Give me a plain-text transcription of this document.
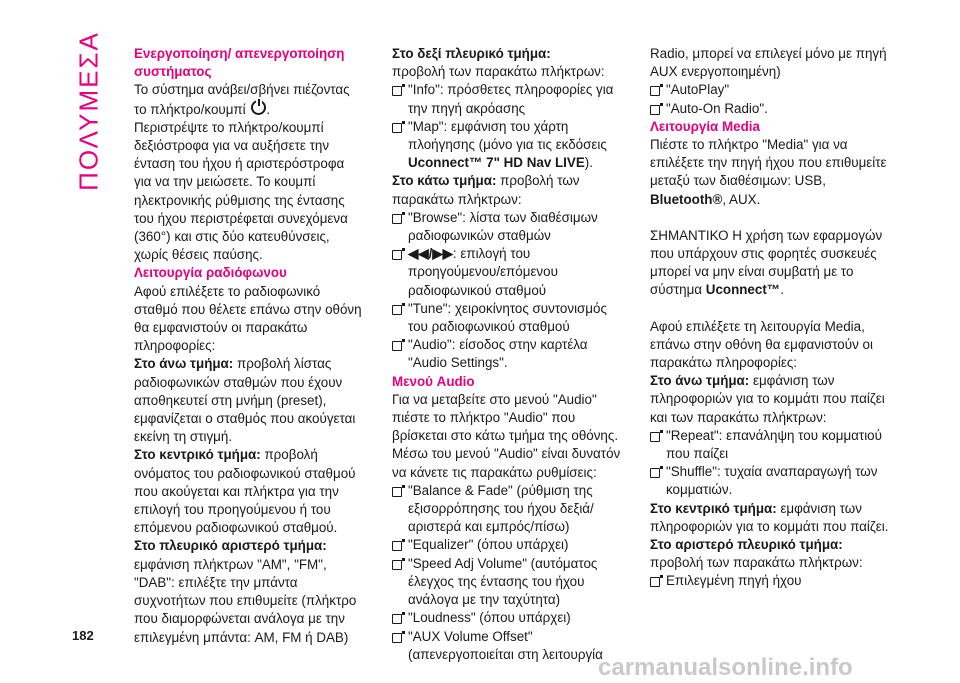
ΠΟΛΥΜΕΣΑ Ενεργοποίηση/ απενεργοποίηση συστήματος

Το σύστημα ανάβει/σβήνει πιέζοντας το πλήκτρο/κουμπί .

Περιστρέψτε το πλήκτρο/κουμπί δεξιόστροφα για να αυξήσετε την ένταση του ήχου ή αριστερόστροφα για να την μειώσετε. Το κουμπί ηλεκτρονικής ρύθμισης της έντασης του ήχου περιστρέφεται συνεχόμενα (360°) και στις δύο κατευθύνσεις, χωρίς θέσεις παύσης.

Λειτουργία ραδιόφωνου

Αφού επιλέξετε το ραδιοφωνικό σταθμό που θέλετε επάνω στην οθόνη θα εμφανιστούν οι παρακάτω πληροφορίες:

Στο άνω τμήμα: προβολή λίστας ραδιοφωνικών σταθμών που έχουν αποθηκευτεί στη μνήμη (preset), εμφανίζεται ο σταθμός που ακούγεται εκείνη τη στιγμή.

Στο κεντρικό τμήμα: προβολή ονόματος του ραδιοφωνικού σταθμού που ακούγεται και πλήκτρα για την επιλογή του προηγούμενου ή του επόμενου ραδιοφωνικού σταθμού.

Στο πλευρικό αριστερό τμήμα: εμφάνιση πλήκτρων "AM", "FM", "DAB": επιλέξτε την μπάντα συχνοτήτων που επιθυμείτε (πλήκτρο που διαμορφώνεται ανάλογα με την επιλεγμένη μπάντα: AM, FM ή DAB)

Στο δεξί πλευρικό τμήμα:
προβολή των παρακάτω πλήκτρων:

"Info": πρόσθετες πληροφορίες για την πηγή ακρόασης

"Map": εμφάνιση του χάρτη πλοήγησης (μόνο για τις εκδόσεις Uconnect™ 7" HD Nav LIVE).

Στο κάτω τμήμα: προβολή των παρακάτω πλήκτρων:

"Browse": λίστα των διαθέσιμων ραδιοφωνικών σταθμών

◀◀/▶▶: επιλογή του προηγούμενου/επόμενου ραδιοφωνικού σταθμού

"Tune": χειροκίνητος συντονισμός του ραδιοφωνικού σταθμού

"Audio": είσοδος στην καρτέλα "Audio Settings".

Μενού Audio

Για να μεταβείτε στο μενού "Audio" πιέστε το πλήκτρο "Audio" που βρίσκεται στο κάτω τμήμα της οθόνης. Μέσω του μενού "Audio" είναι δυνατόν να κάνετε τις παρακάτω ρυθμίσεις:

"Balance & Fade" (ρύθμιση της εξισορρόπησης του ήχου δεξιά/αριστερά και εμπρός/πίσω)

"Equalizer" (όπου υπάρχει)

"Speed Adj Volume" (αυτόματος έλεγχος της έντασης του ήχου ανάλογα με την ταχύτητα)

"Loudness" (όπου υπάρχει)

"AUX Volume Offset" (απενεργοποιείται στη λειτουργία

Radio, μπορεί να επιλεγεί μόνο με πηγή AUX ενεργοποιημένη)

"AutoPlay"

"Auto-On Radio".

Λειτουργία Media

Πιέστε το πλήκτρο "Media" για να επιλέξετε την πηγή ήχου που επιθυμείτε μεταξύ των διαθέσιμων: USB, Bluetooth®, AUX.

ΣΗΜΑΝΤΙΚΟ Η χρήση των εφαρμογών που υπάρχουν στις φορητές συσκευές μπορεί να μην είναι συμβατή με το σύστημα Uconnect™.

Αφού επιλέξετε τη λειτουργία Media, επάνω στην οθόνη θα εμφανιστούν οι παρακάτω πληροφορίες:

Στο άνω τμήμα: εμφάνιση των πληροφοριών για το κομμάτι που παίζει και των παρακάτω πλήκτρων:

"Repeat": επανάληψη του κομματιού που παίζει

"Shuffle": τυχαία αναπαραγωγή των κομματιών.

Στο κεντρικό τμήμα: εμφάνιση των πληροφοριών για το κομμάτι που παίζει.

Στο αριστερό πλευρικό τμήμα:
προβολή των παρακάτω πλήκτρων:

Επιλεγμένη πηγή ήχου

182
carmanualsonline.info
